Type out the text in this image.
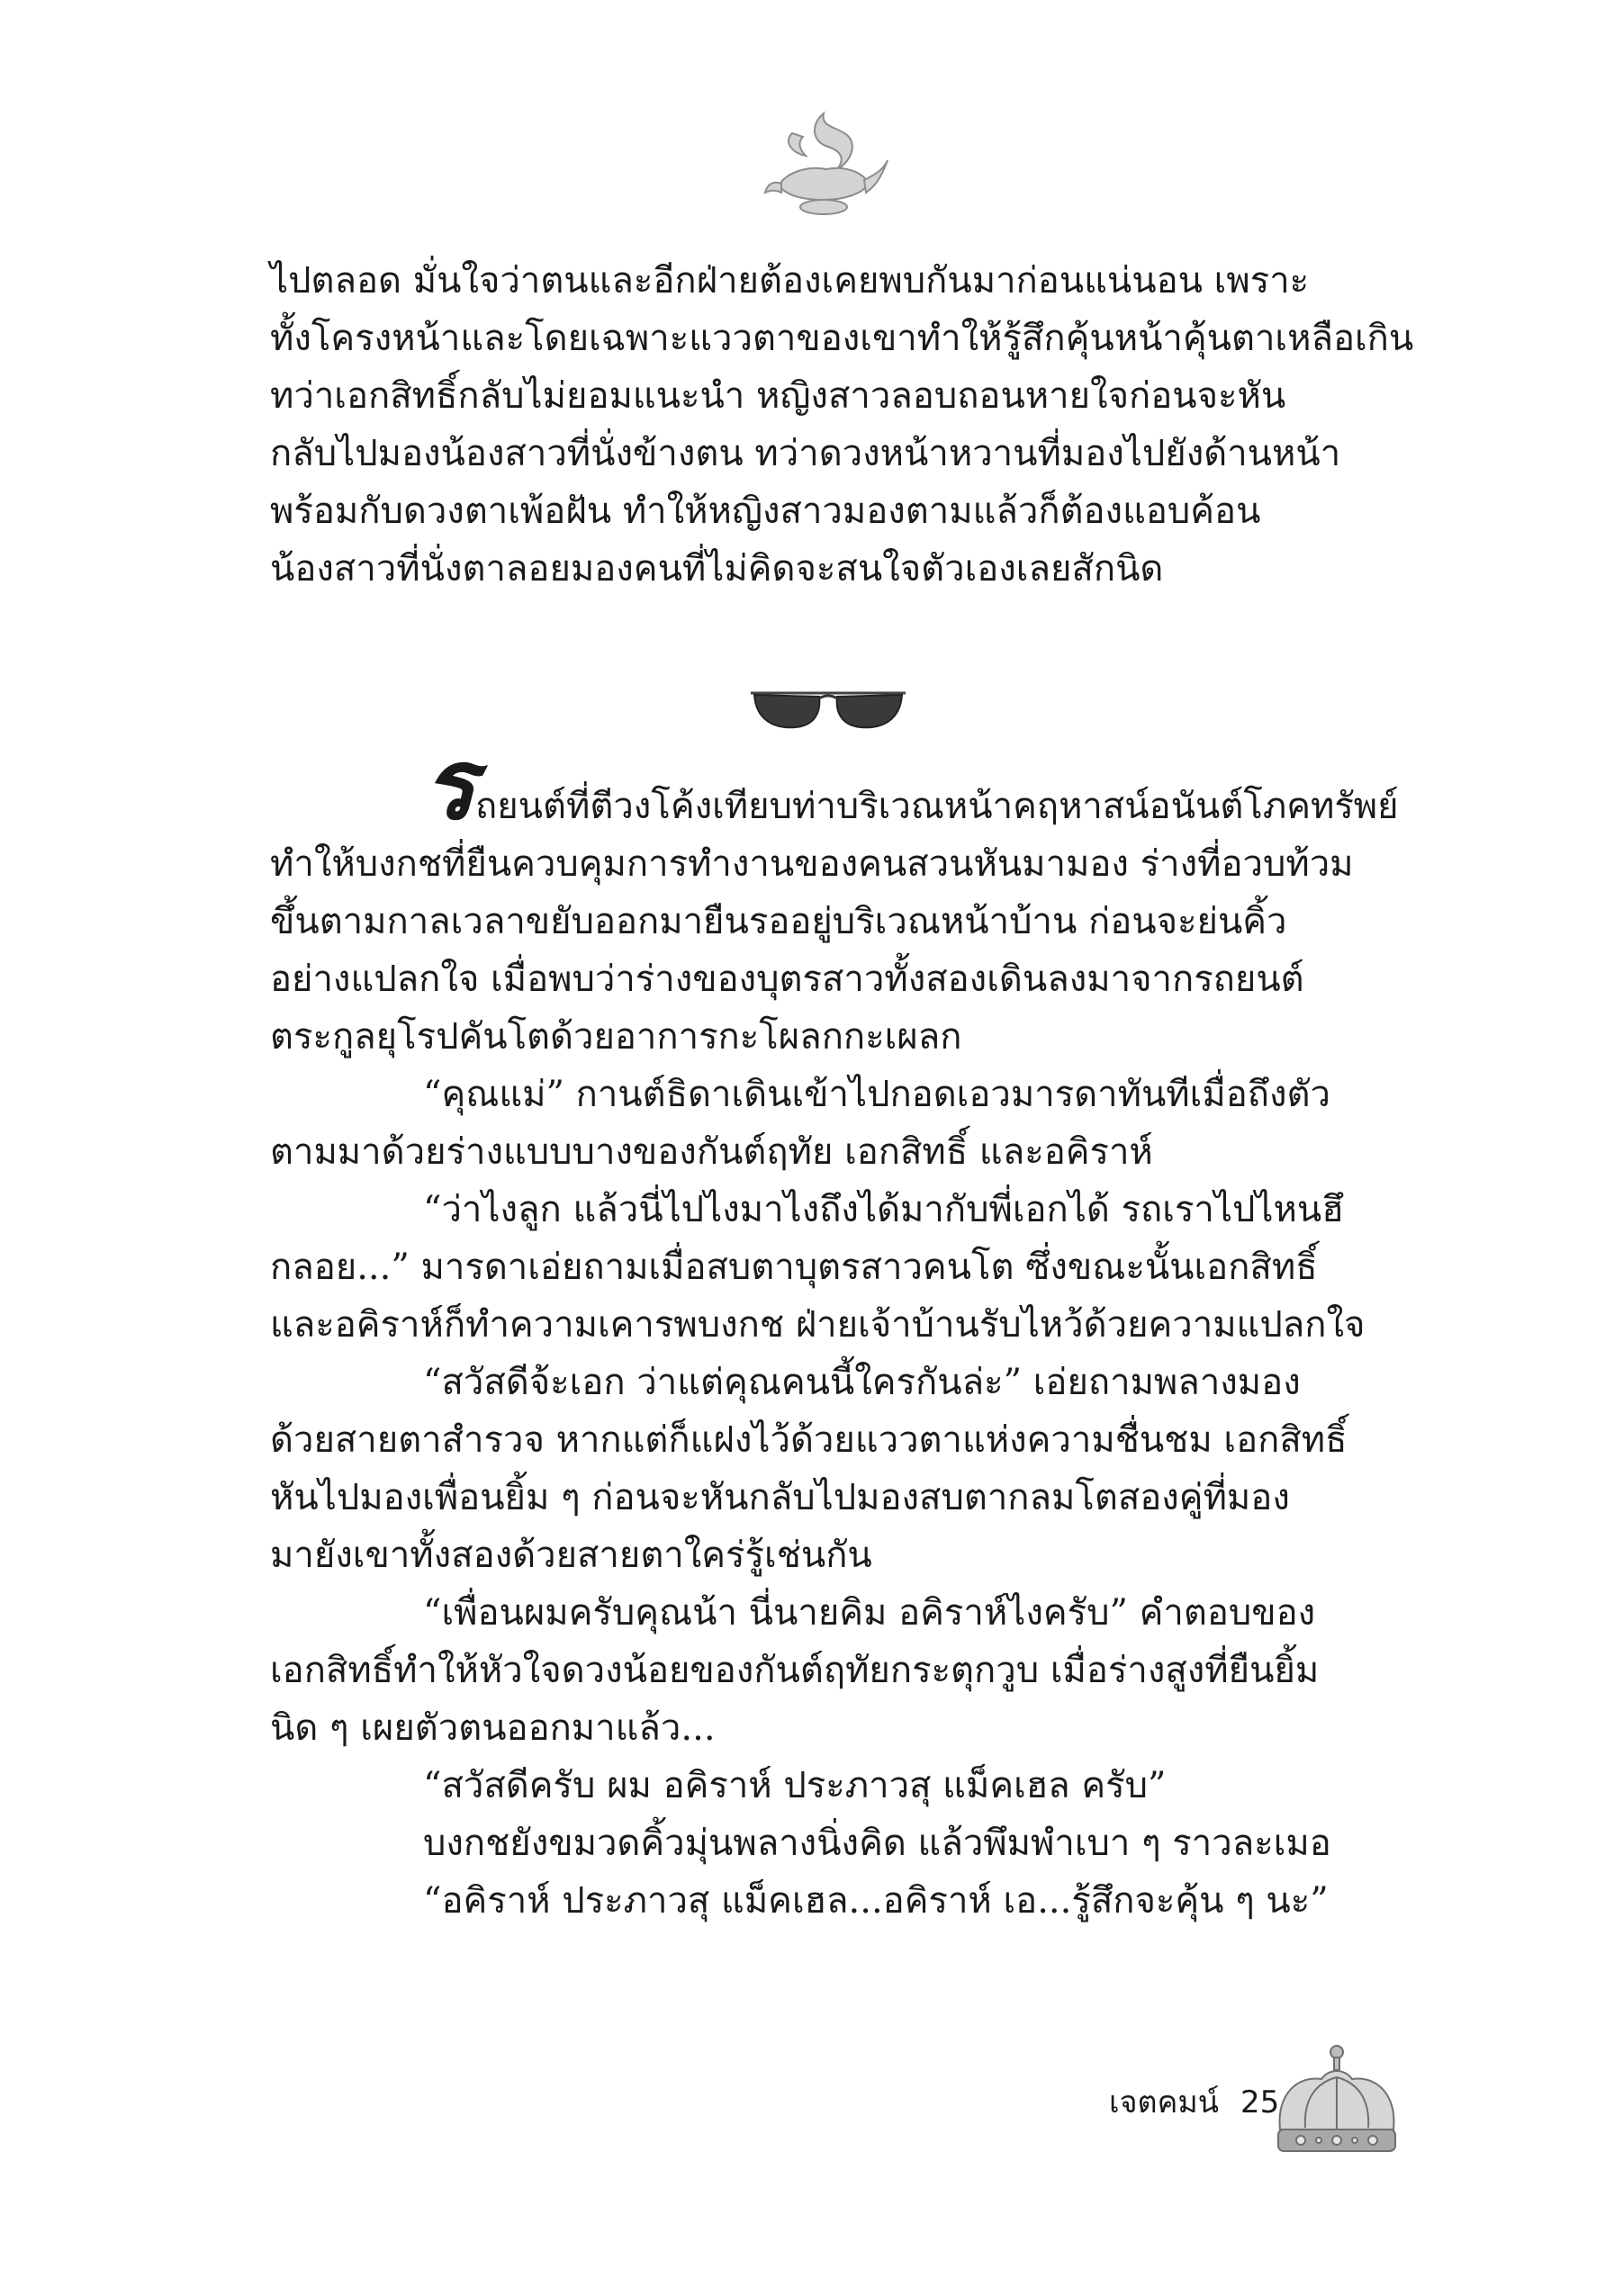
ไปตลอด มั่นใจว่าตนและอีกฝ่ายต้องเคยพบกันมาก่อนแน่นอน เพราะ
ทั้งโครงหน้าและโดยเฉพาะแววตาของเขาทำให้รู้สึกคุ้นหน้าคุ้นตาเหลือเกิน
ทว่าเอกสิทธิ์กลับไม่ยอมแนะนำ หญิงสาวลอบถอนหายใจก่อนจะหัน
กลับไปมองน้องสาวที่นั่งข้างตน ทว่าดวงหน้าหวานที่มองไปยังด้านหน้า
พร้อมกับดวงตาเพ้อฝัน ทำให้หญิงสาวมองตามแล้วก็ต้องแอบค้อน
น้องสาวที่นั่งตาลอยมองคนที่ไม่คิดจะสนใจตัวเองเลยสักนิด

รถยนต์ที่ตีวงโค้งเทียบท่าบริเวณหน้าคฤหาสน์อนันต์โภคทรัพย์
ทำให้บงกชที่ยืนควบคุมการทำงานของคนสวนหันมามอง ร่างที่อวบท้วม
ขึ้นตามกาลเวลาขยับออกมายืนรออยู่บริเวณหน้าบ้าน ก่อนจะย่นคิ้ว
อย่างแปลกใจ เมื่อพบว่าร่างของบุตรสาวทั้งสองเดินลงมาจากรถยนต์
ตระกูลยุโรปคันโตด้วยอาการกะโผลกกะเผลก
“คุณแม่” กานต์ธิดาเดินเข้าไปกอดเอวมารดาทันทีเมื่อถึงตัว
ตามมาด้วยร่างแบบบางของกันต์ฤทัย เอกสิทธิ์ และอคิราห์
“ว่าไงลูก แล้วนี่ไปไงมาไงถึงได้มากับพี่เอกได้ รถเราไปไหนฮึ
กลอย...” มารดาเอ่ยถามเมื่อสบตาบุตรสาวคนโต ซึ่งขณะนั้นเอกสิทธิ์
และอคิราห์ก็ทำความเคารพบงกช ฝ่ายเจ้าบ้านรับไหว้ด้วยความแปลกใจ
“สวัสดีจ้ะเอก ว่าแต่คุณคนนี้ใครกันล่ะ” เอ่ยถามพลางมอง
ด้วยสายตาสำรวจ หากแต่ก็แฝงไว้ด้วยแววตาแห่งความชื่นชม เอกสิทธิ์
หันไปมองเพื่อนยิ้ม ๆ ก่อนจะหันกลับไปมองสบตากลมโตสองคู่ที่มอง
มายังเขาทั้งสองด้วยสายตาใคร่รู้เช่นกัน
“เพื่อนผมครับคุณน้า นี่นายคิม อคิราห์ไงครับ” คำตอบของ
เอกสิทธิ์ทำให้หัวใจดวงน้อยของกันต์ฤทัยกระตุกวูบ เมื่อร่างสูงที่ยืนยิ้ม
นิด ๆ เผยตัวตนออกมาแล้ว...
“สวัสดีครับ ผม อคิราห์ ประภาวสุ แม็คเฮล ครับ”
บงกชยังขมวดคิ้วมุ่นพลางนิ่งคิด แล้วพึมพำเบา ๆ ราวละเมอ
“อคิราห์ ประภาวสุ แม็คเฮล...อคิราห์ เอ...รู้สึกจะคุ้น ๆ นะ”
เจตคมน์ 25
